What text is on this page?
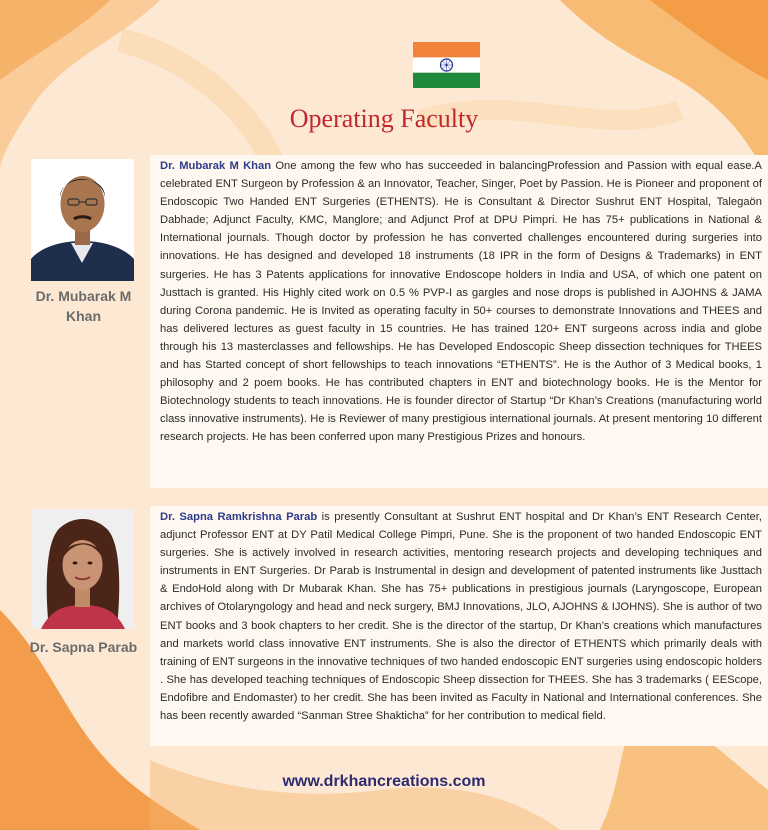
Operating Faculty
Dr. Mubarak M Khan
Dr. Mubarak M Khan One among the few who has succeeded in balancingProfession and Passion with equal ease.A celebrated ENT Surgeon by Profession & an Innovator, Teacher, Singer, Poet by Passion. He is Pioneer and proponent of Endoscopic Two Handed ENT Surgeries (ETHENTS). He is Consultant & Director Sushrut ENT Hospital, Talegaön Dabhade; Adjunct Faculty, KMC, Manglore; and Adjunct Prof at DPU Pimpri. He has 75+ publications in National & International journals. Though doctor by profession he has converted challenges encountered during surgeries into innovations. He has designed and developed 18 instruments (18 IPR in the form of Designs & Trademarks) in ENT surgeries. He has 3 Patents applications for innovative Endoscope holders in India and USA, of which one patent on Justtach is granted. His Highly cited work on 0.5 % PVP-I as gargles and nose drops is published in AJOHNS & JAMA during Corona pandemic. He is Invited as operating faculty in 50+ courses to demonstrate Innovations and THEES and has delivered lectures as guest faculty in 15 countries. He has trained 120+ ENT surgeons across india and globe through his 13 masterclasses and fellowships. He has Developed Endoscopic Sheep dissection techniques for THEES and has Started concept of short fellowships to teach innovations “ETHENTS”. He is the Author of 3 Medical books, 1 philosophy and 2 poem books. He has contributed chapters in ENT and biotechnology books. He is the Mentor for Biotechnology students to teach innovations. He is founder director of Startup “Dr Khan’s Creations (manufacturing world class innovative instruments). He is Reviewer of many prestigious international journals. At present mentoring 10 different research projects. He has been conferred upon many Prestigious Prizes and honours.
Dr. Sapna Parab
Dr. Sapna Ramkrishna Parab is presently Consultant at Sushrut ENT hospital and Dr Khan’s ENT Research Center, adjunct Professor ENT at DY Patil Medical College Pimpri, Pune. She is the proponent of two handed Endoscopic ENT surgeries. She is actively involved in research activities, mentoring research projects and developing techniques and instruments in ENT Surgeries. Dr Parab is Instrumental in design and development of patented instruments like Justtach & EndoHold along with Dr Mubarak Khan. She has 75+ publications in prestigious journals (Laryngoscope, European archives of Otolaryngology and head and neck surgery, BMJ Innovations, JLO, AJOHNS & IJOHNS). She is author of two ENT books and 3 book chapters to her credit. She is the director of the startup, Dr Khan’s creations which manufactures and markets world class innovative ENT instruments. She is also the director of ETHENTS which primarily deals with training of ENT surgeons in the innovative techniques of two handed endoscopic ENT surgeries using endoscopic holders . She has developed teaching techniques of Endoscopic Sheep dissection for THEES. She has 3 trademarks ( EEScope, Endofibre and Endomaster) to her credit. She has been invited as Faculty in National and International conferences. She has been recently awarded “Sanman Stree Shakticha” for her contribution to medical field.
www.drkhancreations.com
